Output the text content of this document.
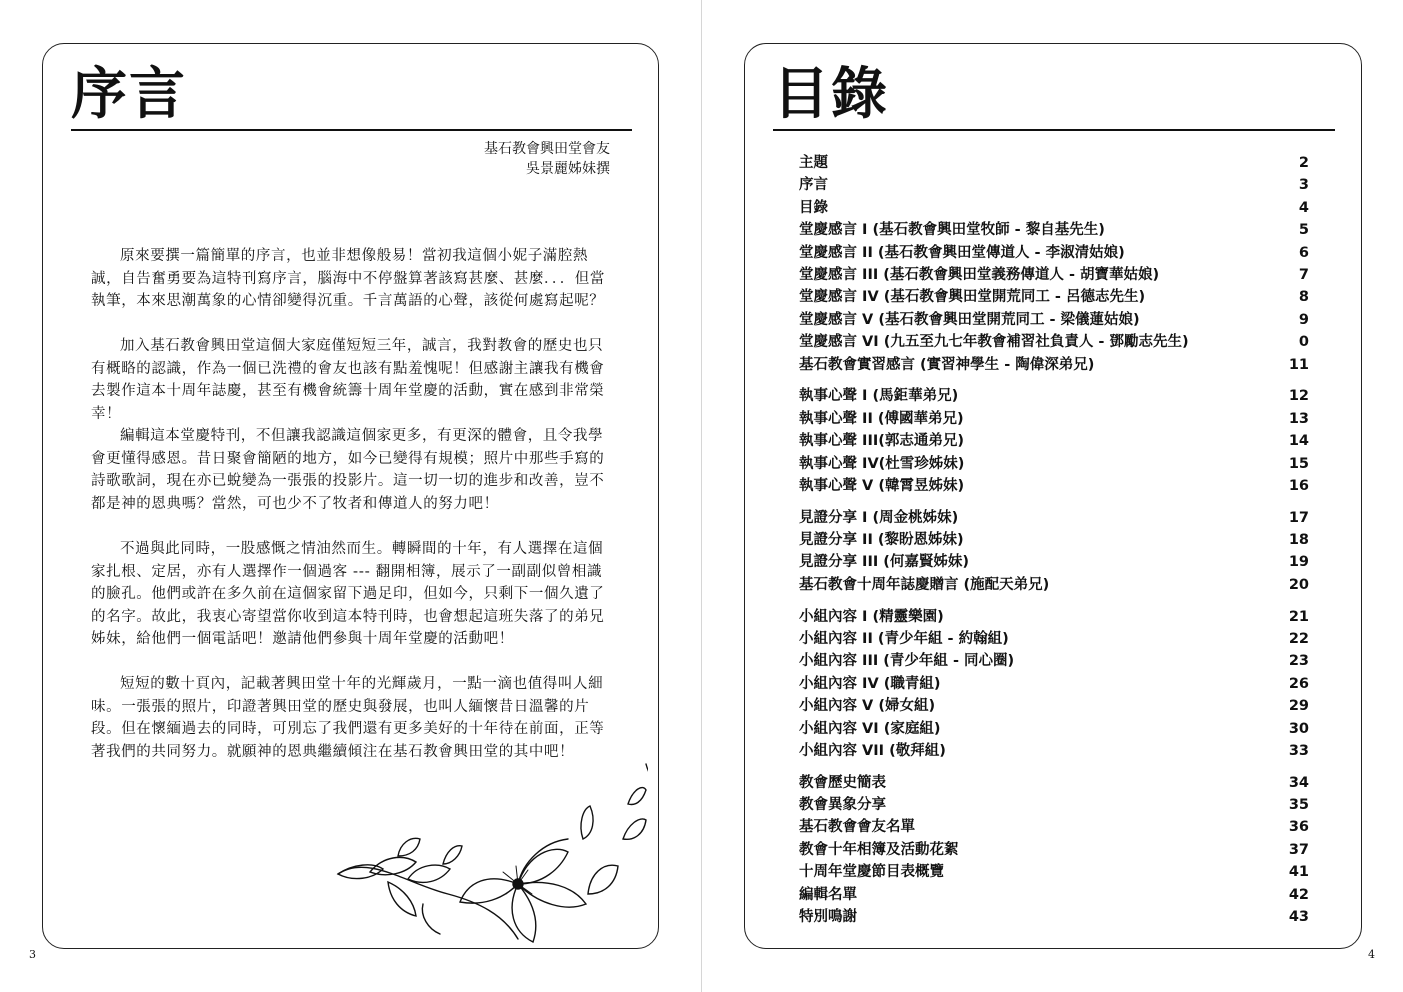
序言
基石教會興田堂會友
吳景麗姊妹撰

原來要撰一篇簡單的序言，也並非想像般易！當初我這個小妮子滿腔熱誠，自告奮勇要為這特刊寫序言，腦海中不停盤算著該寫甚麼、甚麼．．．但當執筆，本來思潮萬象的心情卻變得沉重。千言萬語的心聲，該從何處寫起呢？

加入基石教會興田堂這個大家庭僅短短三年，誠言，我對教會的歷史也只有概略的認識，作為一個已洗禮的會友也該有點羞愧呢！但感謝主讓我有機會去製作這本十周年誌慶，甚至有機會統籌十周年堂慶的活動，實在感到非常榮幸！

編輯這本堂慶特刊，不但讓我認識這個家更多，有更深的體會，且令我學會更懂得感恩。昔日聚會簡陋的地方，如今已變得有規模；照片中那些手寫的詩歌歌詞，現在亦已蛻變為一張張的投影片。這一切一切的進步和改善，豈不都是神的恩典嗎？當然，可也少不了牧者和傳道人的努力吧！

不過與此同時，一股感慨之情油然而生。轉瞬間的十年，有人選擇在這個家扎根、定居，亦有人選擇作一個過客 --- 翻開相簿，展示了一副副似曾相識的臉孔。他們或許在多久前在這個家留下過足印，但如今，只剩下一個久遺了的名字。故此，我衷心寄望當你收到這本特刊時，也會想起這班失落了的弟兄姊妹，給他們一個電話吧！邀請他們參與十周年堂慶的活動吧！

短短的數十頁內，記載著興田堂十年的光輝歲月，一點一滴也值得叫人細味。一張張的照片，印證著興田堂的歷史與發展，也叫人緬懷昔日溫馨的片段。但在懷緬過去的同時，可別忘了我們還有更多美好的十年待在前面，正等著我們的共同努力。就願神的恩典繼續傾注在基石教會興田堂的其中吧！

3
目錄
主題	2
序言	3
目錄	4
堂慶感言 I (基石教會興田堂牧師 - 黎自基先生)	5
堂慶感言 II (基石教會興田堂傳道人 - 李淑清姑娘)	6
堂慶感言 III (基石教會興田堂義務傳道人 - 胡寶華姑娘)	7
堂慶感言 IV (基石教會興田堂開荒同工 - 呂德志先生)	8
堂慶感言 V (基石教會興田堂開荒同工 - 梁儀蓮姑娘)	9
堂慶感言 VI (九五至九七年教會補習社負責人 - 鄧勵志先生)	0
基石教會實習感言 (實習神學生 - 陶偉深弟兄)	11
執事心聲 I (馬鉅華弟兄)	12
執事心聲 II (傅國華弟兄)	13
執事心聲 III(郭志通弟兄)	14
執事心聲 IV(杜雪珍姊妹)	15
執事心聲 V (韓霄昱姊妹)	16
見證分享 I (周金桃姊妹)	17
見證分享 II (黎盼恩姊妹)	18
見證分享 III (何嘉賢姊妹)	19
基石教會十周年誌慶贈言 (施配天弟兄)	20
小組內容 I (精靈樂園)	21
小組內容 II (青少年組 - 約翰組)	22
小組內容 III (青少年組 - 同心圈)	23
小組內容 IV (職青組)	26
小組內容 V (婦女組)	29
小組內容 VI (家庭組)	30
小組內容 VII (敬拜組)	33
教會歷史簡表	34
教會異象分享	35
基石教會會友名單	36
教會十年相簿及活動花絮	37
十周年堂慶節目表概覽	41
編輯名單	42
特別鳴謝	43
4
